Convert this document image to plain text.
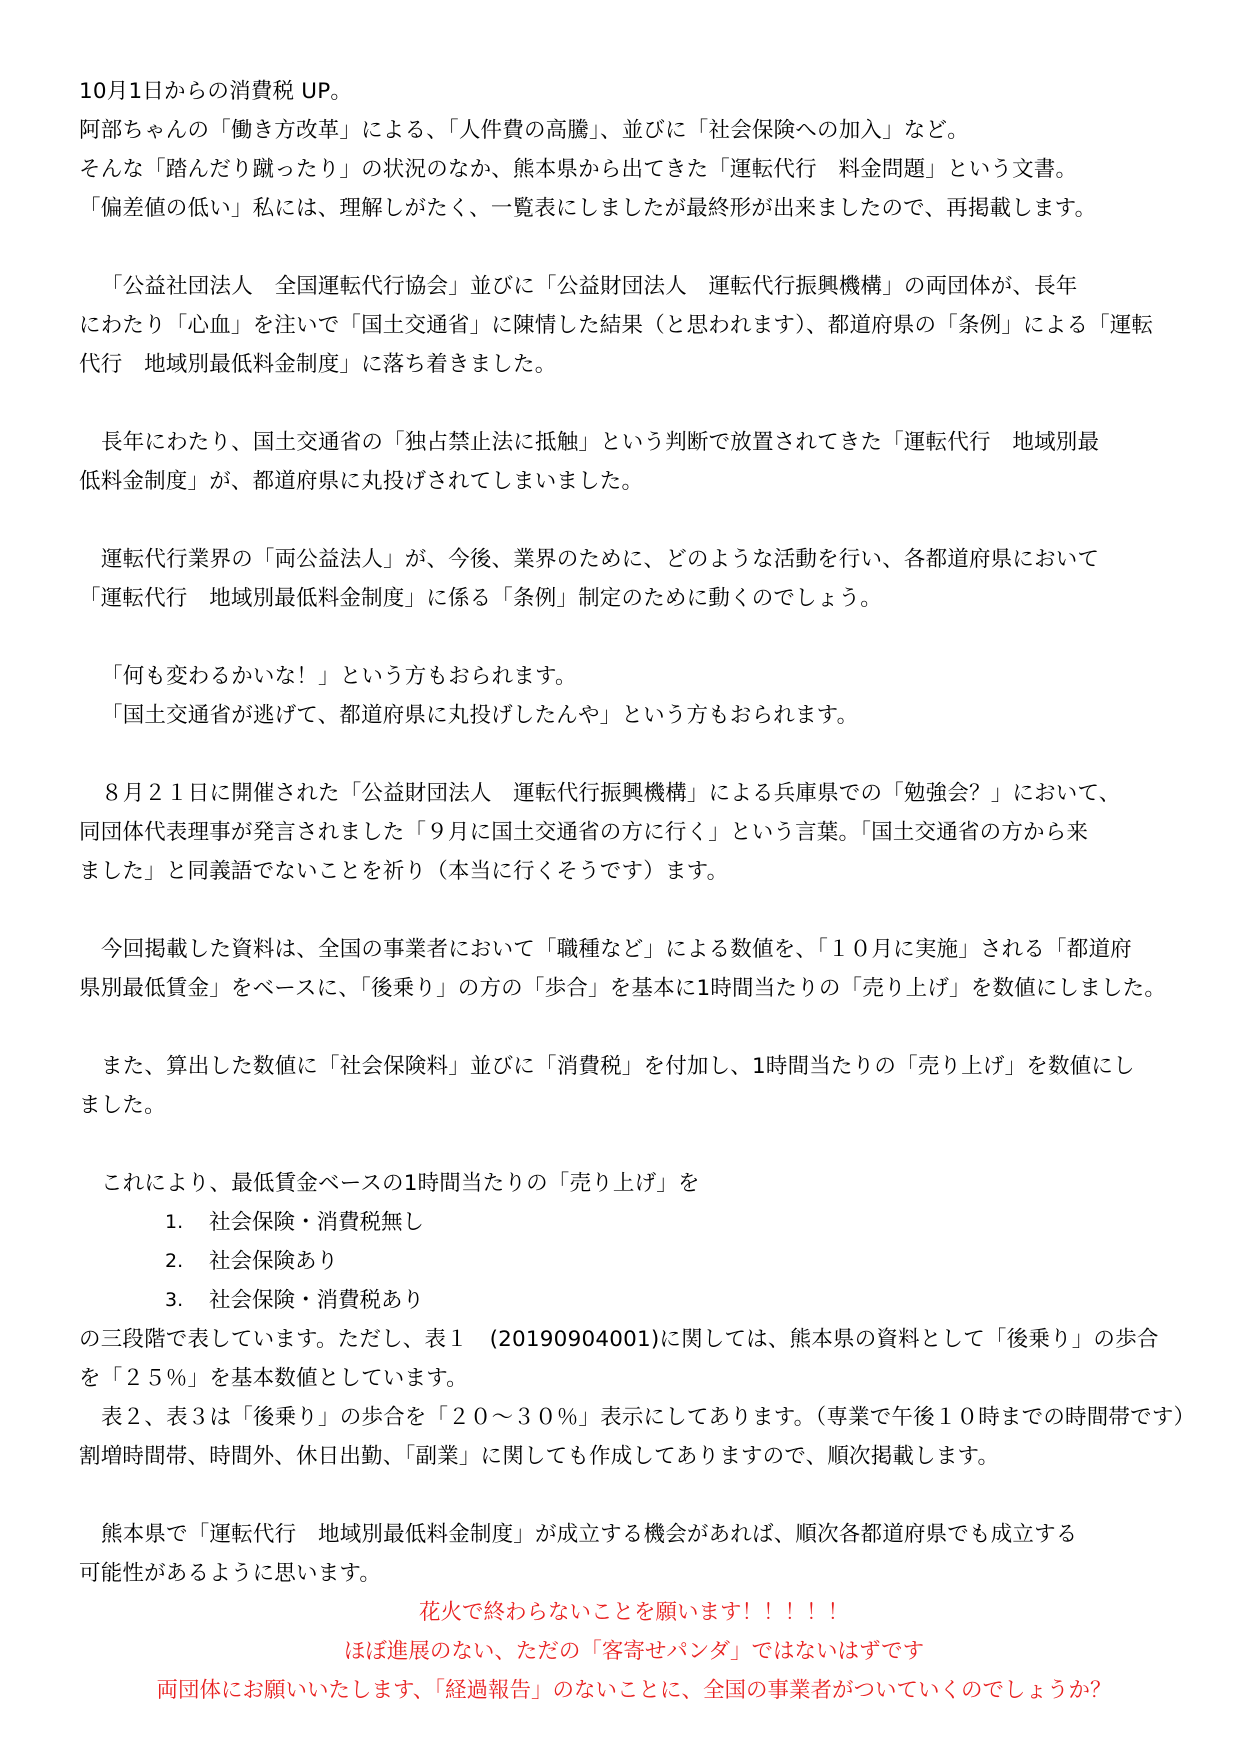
10月1日からの消費税 UP。
阿部ちゃんの「働き方改革」による、「人件費の高騰」、並びに「社会保険への加入」など。
そんな「踏んだり蹴ったり」の状況のなか、熊本県から出てきた「運転代行　料金問題」という文書。
「偏差値の低い」私には、理解しがたく、一覧表にしましたが最終形が出来ましたので、再掲載します。
「公益社団法人　全国運転代行協会」並びに「公益財団法人　運転代行振興機構」の両団体が、長年
にわたり「心血」を注いで「国土交通省」に陳情した結果（と思われます）、都道府県の「条例」による「運転
代行　地域別最低料金制度」に落ち着きました。
長年にわたり、国土交通省の「独占禁止法に抵触」という判断で放置されてきた「運転代行　地域別最
低料金制度」が、都道府県に丸投げされてしまいました。
運転代行業界の「両公益法人」が、今後、業界のために、どのような活動を行い、各都道府県において
「運転代行　地域別最低料金制度」に係る「条例」制定のために動くのでしょう。
「何も変わるかいな！」という方もおられます。
「国土交通省が逃げて、都道府県に丸投げしたんや」という方もおられます。
８月２１日に開催された「公益財団法人　運転代行振興機構」による兵庫県での「勉強会？」において、
同団体代表理事が発言されました「９月に国土交通省の方に行く」という言葉。「国土交通省の方から来
ました」と同義語でないことを祈り（本当に行くそうです）ます。
今回掲載した資料は、全国の事業者において「職種など」による数値を、「１０月に実施」される「都道府
県別最低賃金」をベースに、「後乗り」の方の「歩合」を基本に1時間当たりの「売り上げ」を数値にしました。
また、算出した数値に「社会保険料」並びに「消費税」を付加し、1時間当たりの「売り上げ」を数値にし
ました。
これにより、最低賃金ベースの1時間当たりの「売り上げ」を
1. 社会保険・消費税無し
2. 社会保険あり
3. 社会保険・消費税あり
の三段階で表しています。ただし、表１　(20190904001)に関しては、熊本県の資料として「後乗り」の歩合
を「２５％」を基本数値としています。
表２、表３は「後乗り」の歩合を「２０～３０％」表示にしてあります。（専業で午後１０時までの時間帯です）
割増時間帯、時間外、休日出勤、「副業」に関しても作成してありますので、順次掲載します。
熊本県で「運転代行　地域別最低料金制度」が成立する機会があれば、順次各都道府県でも成立する
可能性があるように思います。
花火で終わらないことを願います！！！！！
ほぼ進展のない、ただの「客寄せパンダ」ではないはずです
両団体にお願いいたします、「経過報告」のないことに、全国の事業者がついていくのでしょうか？
